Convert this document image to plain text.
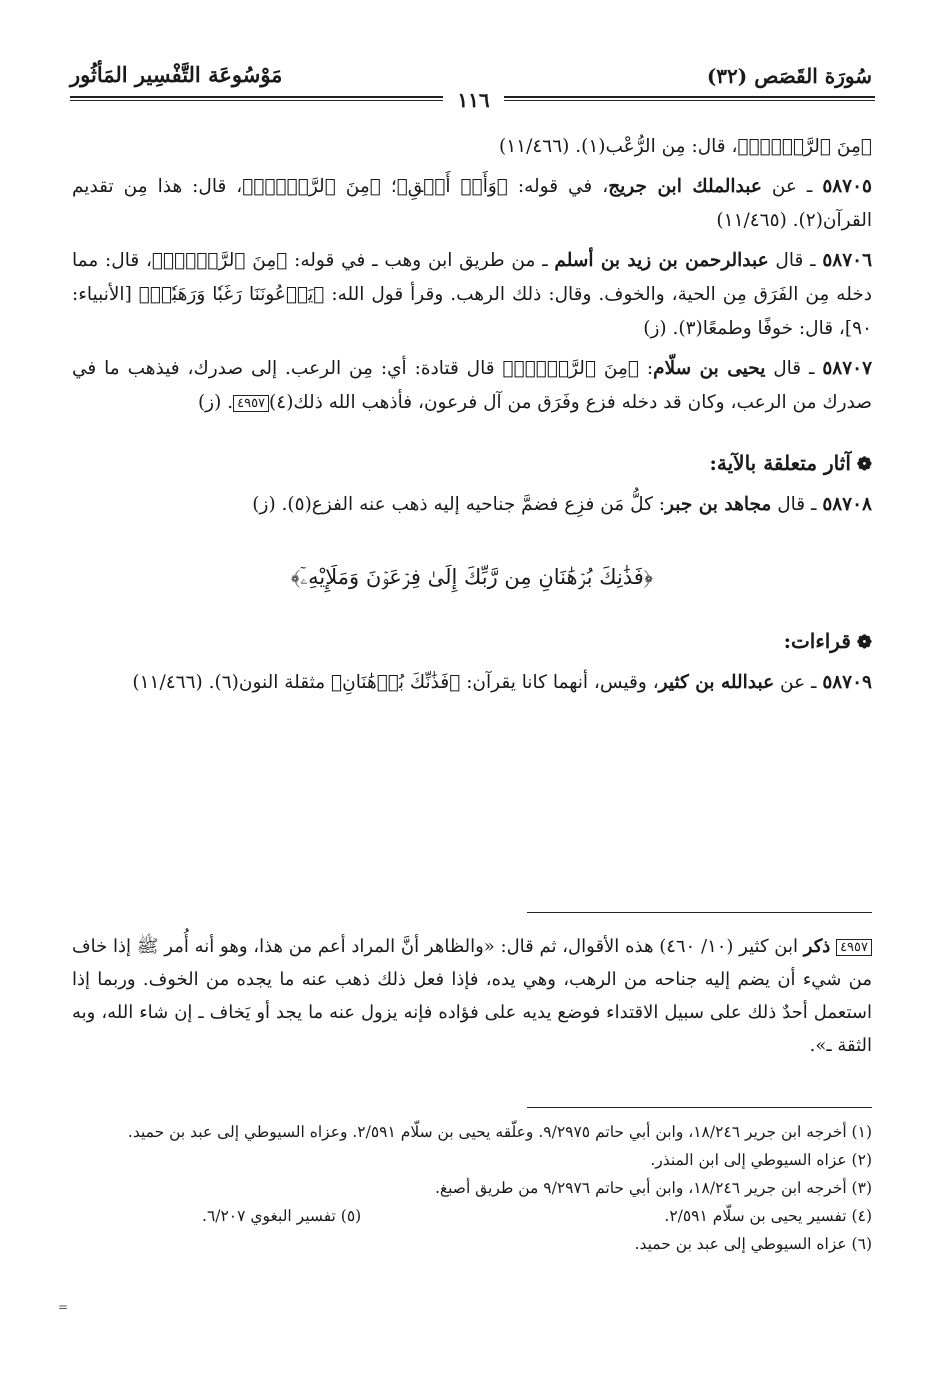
سُورَة القَصَص (٣٢)
مَوْسُوعَة التَّفْسِير المَأثُور
١١٦

﴿مِنَ ٱلرَّهۡبِۖ﴾، قال: مِن الرُّعْب(١). (١١/٤٦٦)

٥٨٧٠٥ ـ عن عبدالملك ابن جريج، في قوله: ﴿وَأَنۡ أَلۡقِ﴾؛ ﴿مِنَ ٱلرَّهۡبِۖ﴾، قال: هذا مِن تقديم القرآن(٢). (١١/٤٦٥)

٥٨٧٠٦ ـ قال عبدالرحمن بن زيد بن أسلم ـ من طريق ابن وهب ـ في قوله: ﴿مِنَ ٱلرَّهۡبِۖ﴾، قال: مما دخله مِن الفَرَق مِن الحية، والخوف. وقال: ذلك الرهب. وقرأ قول الله: ﴿يَدۡعُونَنَا رَغَبٗا وَرَهَبٗاۖ﴾ [الأنبياء: ٩٠]، قال: خوفًا وطمعًا(٣). (ز)

٥٨٧٠٧ ـ قال يحيى بن سلّام: ﴿مِنَ ٱلرَّهۡبِۖ﴾ قال قتادة: أي: مِن الرعب. إلى صدرك، فيذهب ما في صدرك من الرعب، وكان قد دخله فزع وفَرَق من آل فرعون، فأذهب الله ذلك(٤)٤٩٥٧. (ز)

❁آثار متعلقة بالآية:

٥٨٧٠٨ ـ قال مجاهد بن جبر: كلُّ مَن فزِع فضمَّ جناحيه إليه ذهب عنه الفزع(٥). (ز)

﴿فَذَٰنِكَ بُرۡهَٰنَانِ مِن رَّبِّكَ إِلَىٰ فِرۡعَوۡنَ وَمَلَإِيْهِۦٓ﴾
❁قراءات:

٥٨٧٠٩ ـ عن عبدالله بن كثير، وقيس، أنهما كانا يقرآن: ﴿فَذَٰنِّكَ بُرۡهَٰنَانِ﴾ مثقلة النون(٦). (١١/٤٦٦)

٤٩٥٧ ذكر ابن كثير (١٠/ ٤٦٠) هذه الأقوال، ثم قال: «والظاهر أنَّ المراد أعم من هذا، وهو أنه أُمر ﷺ إذا خاف من شيء أن يضم إليه جناحه من الرهب، وهي يده، فإذا فعل ذلك ذهب عنه ما يجده من الخوف. وربما إذا استعمل أحدٌ ذلك على سبيل الاقتداء فوضع يديه على فؤاده فإنه يزول عنه ما يجد أو يَخاف ـ إن شاء الله، وبه الثقة ـ».

(١) أخرجه ابن جرير ١٨/٢٤٦، وابن أبي حاتم ٩/٢٩٧٥. وعلّقه يحيى بن سلّام ٢/٥٩١. وعزاه السيوطي إلى عبد بن حميد.

(٢) عزاه السيوطي إلى ابن المنذر.

(٣) أخرجه ابن جرير ١٨/٢٤٦، وابن أبي حاتم ٩/٢٩٧٦ من طريق أصبغ.

(٤) تفسير يحيى بن سلّام ٢/٥٩١.
(٥) تفسير البغوي ٦/٢٠٧.

(٦) عزاه السيوطي إلى عبد بن حميد.

=
